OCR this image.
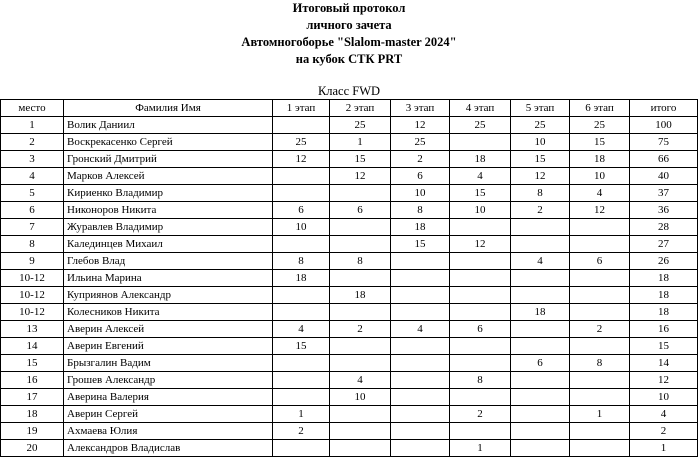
Итоговый протокол
личного зачета
Автомногоборье "Slalom-master 2024"
на кубок СТК PRT
Класс FWD
место	Фамилия Имя	1 этап	2 этап	3 этап	4 этап	5 этап	6 этап	итого
1	Волик Даниил		25	12	25	25	25	100
2	Воскрекасенко Сергей	25	1	25		10	15	75
3	Гронский Дмитрий	12	15	2	18	15	18	66
4	Марков Алексей		12	6	4	12	10	40
5	Кириенко Владимир			10	15	8	4	37
6	Никоноров Никита	6	6	8	10	2	12	36
7	Журавлев Владимир	10		18				28
8	Калединцев Михаил			15	12			27
9	Глебов Влад	8	8			4	6	26
10-12	Ильина Марина	18						18
10-12	Куприянов Александр		18					18
10-12	Колесников Никита					18		18
13	Аверин Алексей	4	2	4	6		2	16
14	Аверин Евгений	15						15
15	Брызгалин Вадим					6	8	14
16	Грошев Александр		4		8			12
17	Аверина Валерия		10					10
18	Аверин Сергей	1			2		1	4
19	Ахмаева Юлия	2						2
20	Александров Владислав				1			1
